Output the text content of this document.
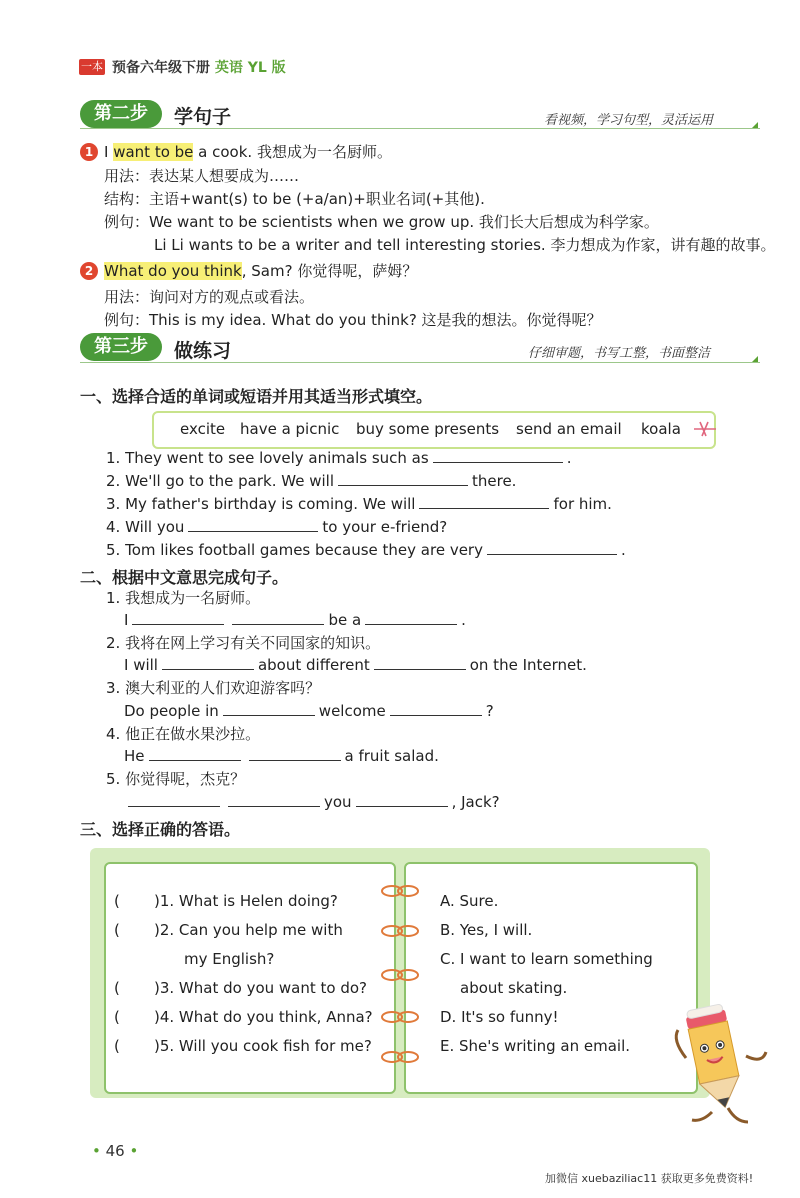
一本 预备六年级下册 英语 YL 版
第二步	学句子	看视频，学习句型，灵活运用
1 I want to be a cook. 我想成为一名厨师。
用法：表达某人想要成为……
结构：主语+want(s) to be (+a/an)+职业名词(+其他).
例句：We want to be scientists when we grow up. 我们长大后想成为科学家。
Li Li wants to be a writer and tell interesting stories. 李力想成为作家，讲有趣的故事。
2 What do you think, Sam? 你觉得呢，萨姆？
用法：询问对方的观点或看法。
例句：This is my idea. What do you think? 这是我的想法。你觉得呢？
第三步	做练习	仔细审题，书写工整，书面整洁
一、选择合适的单词或短语并用其适当形式填空。
excite have a picnic buy some presents send an email koala
1. They went to see lovely animals such as	.
2. We'll go to the park. We will	there.
3. My father's birthday is coming. We will	for him.
4. Will you	to your e-friend?
5. Tom likes football games because they are very	.
二、根据中文意思完成句子。
1. 我想成为一名厨师。
I	be a	.
2. 我将在网上学习有关不同国家的知识。
I will	about different	on the Internet.
3. 澳大利亚的人们欢迎游客吗？
Do people in	welcome	?
4. 他正在做水果沙拉。
He	a fruit salad.
5. 你觉得呢，杰克？
you	, Jack?
三、选择正确的答语。
( )1. What is Helen doing?
( )2. Can you help me with
my English?
( )3. What do you want to do?
( )4. What do you think, Anna?
( )5. Will you cook fish for me?
A. Sure.
B. Yes, I will.
C. I want to learn something
about skating.
D. It's so funny!
E. She's writing an email.
• 46 •
加微信 xuebaziliac11 获取更多免费资料!
